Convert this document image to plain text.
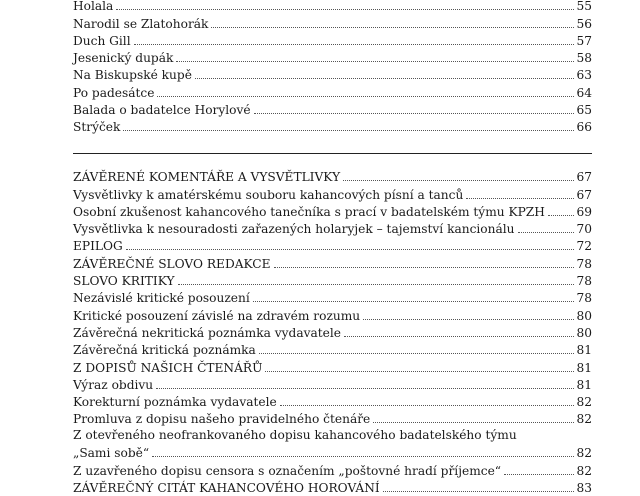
Holala	55
Narodil se Zlatohorák	56
Duch Gill	57
Jesenický dupák	58
Na Biskupské kupě	63
Po padesátce	64
Balada o badatelce Horylové	65
Strýček	66
ZÁVĚRENÉ KOMENTÁŘE A VYSVĚTLIVKY	67
Vysvětlivky k amatérskému souboru kahancových písní a tanců	67
Osobní zkušenost kahancového tanečníka s prací v badatelském týmu KPZH	69
Vysvětlivka k nesouradosti zařazených holaryjek – tajemství kancionálu	70
EPILOG	72
ZÁVĚREČNÉ SLOVO REDAKCE	78
SLOVO KRITIKY	78
Nezávislé kritické posouzení	78
Kritické posouzení závislé na zdravém rozumu	80
Závěrečná nekritická poznámka vydavatele	80
Závěrečná kritická poznámka	81
Z DOPISŮ NAŠICH ČTENÁŘŮ	81
Výraz obdivu	81
Korekturní poznámka vydavatele	82
Promluva z dopisu našeho pravidelného čtenáře	82
Z otevřeného neofrankovaného dopisu kahancového badatelského týmu
„Sami sobě“	82
Z uzavřeného dopisu censora s označením „poštovné hradí příjemce“	82
ZÁVĚREČNÝ CITÁT KAHANCOVÉHO HOROVÁNÍ	83
